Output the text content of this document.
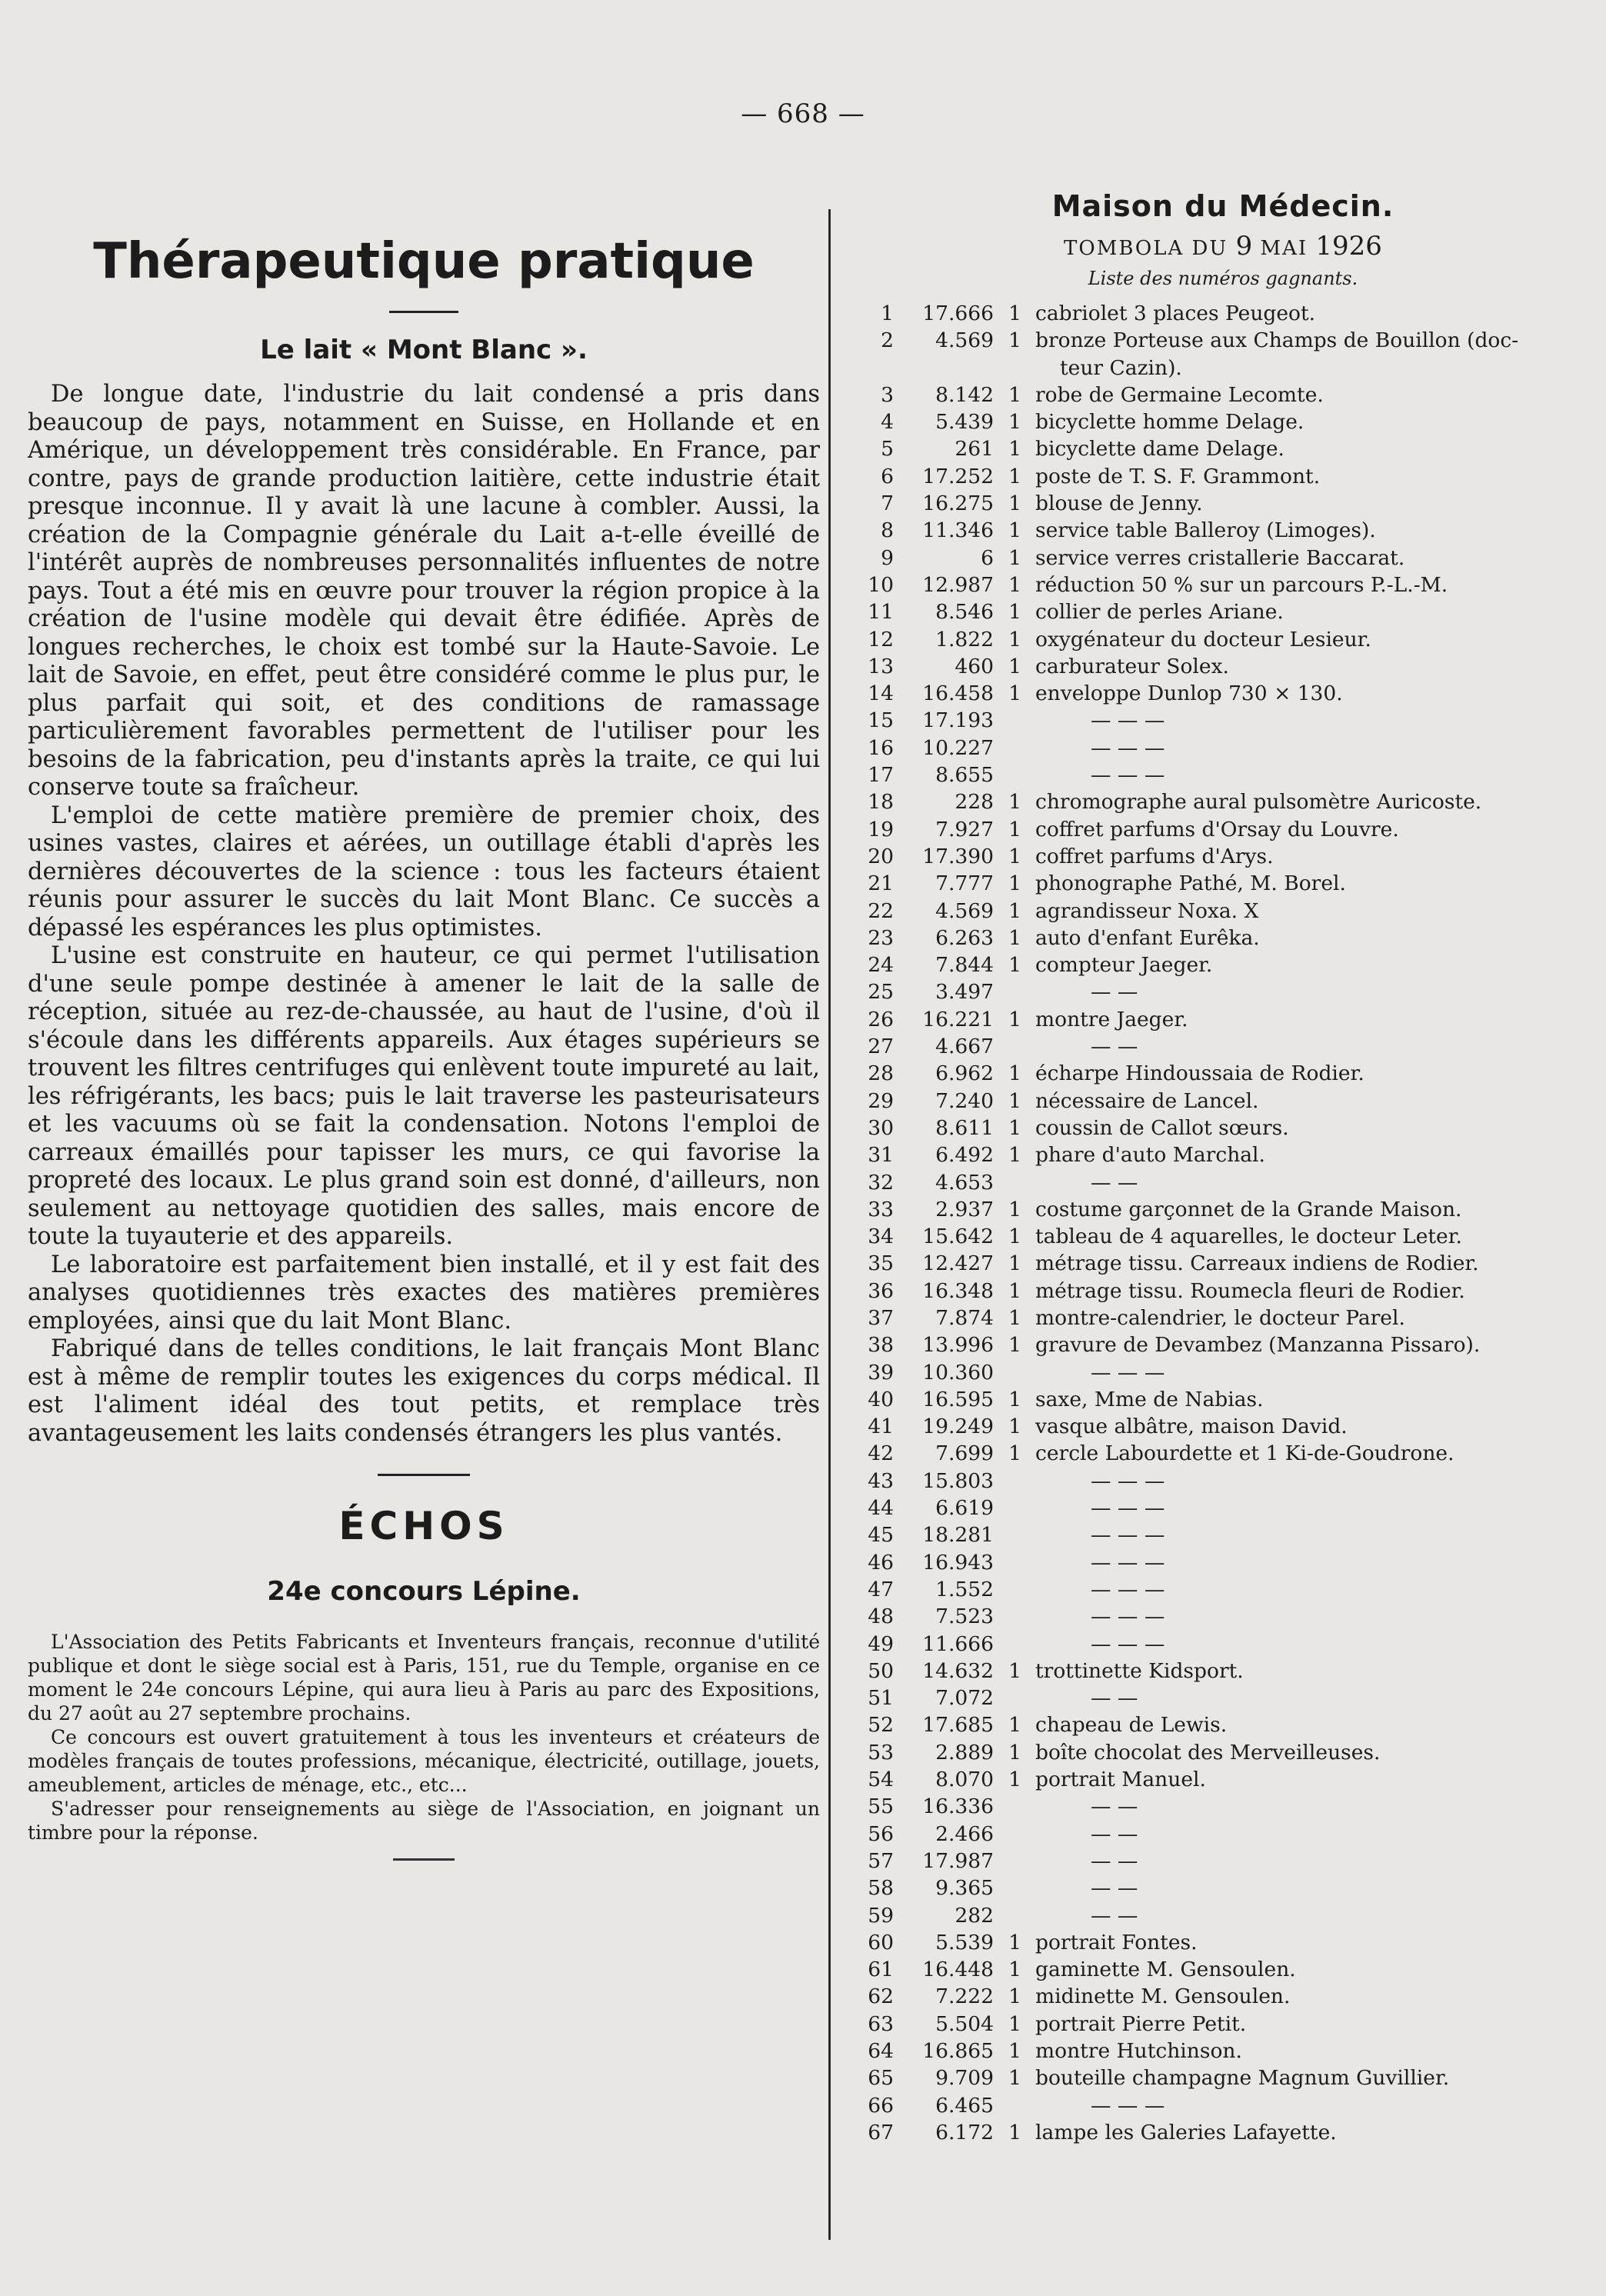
— 668 —
Thérapeutique pratique
Le lait « Mont Blanc ».

De longue date, l'industrie du lait condensé a pris dans beaucoup de pays, notamment en Suisse, en Hollande et en Amérique, un développement très considérable. En France, par contre, pays de grande production laitière, cette industrie était presque inconnue. Il y avait là une lacune à combler. Aussi, la création de la Compagnie générale du Lait a-t-elle éveillé de l'intérêt auprès de nombreuses personnalités influentes de notre pays. Tout a été mis en œuvre pour trouver la région propice à la création de l'usine modèle qui devait être édifiée. Après de longues recherches, le choix est tombé sur la Haute-Savoie. Le lait de Savoie, en effet, peut être considéré comme le plus pur, le plus parfait qui soit, et des conditions de ramassage particulièrement favorables permettent de l'utiliser pour les besoins de la fabrication, peu d'instants après la traite, ce qui lui conserve toute sa fraîcheur.

L'emploi de cette matière première de premier choix, des usines vastes, claires et aérées, un outillage établi d'après les dernières découvertes de la science : tous les facteurs étaient réunis pour assurer le succès du lait Mont Blanc. Ce succès a dépassé les espérances les plus optimistes.

L'usine est construite en hauteur, ce qui permet l'utilisation d'une seule pompe destinée à amener le lait de la salle de réception, située au rez-de-chaussée, au haut de l'usine, d'où il s'écoule dans les différents appareils. Aux étages supérieurs se trouvent les filtres centrifuges qui enlèvent toute impureté au lait, les réfrigérants, les bacs; puis le lait traverse les pasteurisateurs et les vacuums où se fait la condensation. Notons l'emploi de carreaux émaillés pour tapisser les murs, ce qui favorise la propreté des locaux. Le plus grand soin est donné, d'ailleurs, non seulement au nettoyage quotidien des salles, mais encore de toute la tuyauterie et des appareils.

Le laboratoire est parfaitement bien installé, et il y est fait des analyses quotidiennes très exactes des matières premières employées, ainsi que du lait Mont Blanc.

Fabriqué dans de telles conditions, le lait français Mont Blanc est à même de remplir toutes les exigences du corps médical. Il est l'aliment idéal des tout petits, et remplace très avantageusement les laits condensés étrangers les plus vantés.

ÉCHOS
24e concours Lépine.

L'Association des Petits Fabricants et Inventeurs français, reconnue d'utilité publique et dont le siège social est à Paris, 151, rue du Temple, organise en ce moment le 24e concours Lépine, qui aura lieu à Paris au parc des Expositions, du 27 août au 27 septembre prochains.

Ce concours est ouvert gratuitement à tous les inventeurs et créateurs de modèles français de toutes professions, mécanique, électricité, outillage, jouets, ameublement, articles de ménage, etc., etc...

S'adresser pour renseignements au siège de l'Association, en joignant un timbre pour la réponse.

Maison du Médecin.

TOMBOLA DU 9 MAI 1926

Liste des numéros gagnants.

1	17.666 1 cabriolet 3 places Peugeot.
2	4.569 1 bronze Porteuse aux Champs de Bouillon (doc-
teur Cazin).
3	8.142 1 robe de Germaine Lecomte.
4	5.439 1 bicyclette homme Delage.
5	261 1 bicyclette dame Delage.
6	17.252 1 poste de T. S. F. Grammont.
7	16.275 1 blouse de Jenny.
8	11.346 1 service table Balleroy (Limoges).
9	6 1 service verres cristallerie Baccarat.
10	12.987 1 réduction 50 % sur un parcours P.-L.-M.
11	8.546 1 collier de perles Ariane.
12	1.822 1 oxygénateur du docteur Lesieur.
13	460 1 carburateur Solex.
14	16.458 1 enveloppe Dunlop 730 × 130.
15	17.193	— — —
16	10.227	— — —
17	8.655	— — —
18	228 1 chromographe aural pulsomètre Auricoste.
19	7.927 1 coffret parfums d'Orsay du Louvre.
20	17.390 1 coffret parfums d'Arys.
21	7.777 1 phonographe Pathé, M. Borel.
22	4.569 1 agrandisseur Noxa. X
23	6.263 1 auto d'enfant Eurêka.
24	7.844 1 compteur Jaeger.
25	3.497	— —
26	16.221 1 montre Jaeger.
27	4.667	— —
28	6.962 1 écharpe Hindoussaia de Rodier.
29	7.240 1 nécessaire de Lancel.
30	8.611 1 coussin de Callot sœurs.
31	6.492 1 phare d'auto Marchal.
32	4.653	— —
33	2.937 1 costume garçonnet de la Grande Maison.
34	15.642 1 tableau de 4 aquarelles, le docteur Leter.
35	12.427 1 métrage tissu. Carreaux indiens de Rodier.
36	16.348 1 métrage tissu. Roumecla fleuri de Rodier.
37	7.874 1 montre-calendrier, le docteur Parel.
38	13.996 1 gravure de Devambez (Manzanna Pissaro).
39	10.360	— — —
40	16.595 1 saxe, Mme de Nabias.
41	19.249 1 vasque albâtre, maison David.
42	7.699 1 cercle Labourdette et 1 Ki-de-Goudrone.
43	15.803	— — —
44	6.619	— — —
45	18.281	— — —
46	16.943	— — —
47	1.552	— — —
48	7.523	— — —
49	11.666	— — —
50	14.632 1 trottinette Kidsport.
51	7.072	— —
52	17.685 1 chapeau de Lewis.
53	2.889 1 boîte chocolat des Merveilleuses.
54	8.070 1 portrait Manuel.
55	16.336	— —
56	2.466	— —
57	17.987	— —
58	9.365	— —
59	282	— —
60	5.539 1 portrait Fontes.
61	16.448 1 gaminette M. Gensoulen.
62	7.222 1 midinette M. Gensoulen.
63	5.504 1 portrait Pierre Petit.
64	16.865 1 montre Hutchinson.
65	9.709 1 bouteille champagne Magnum Guvillier.
66	6.465	— — —
67	6.172 1 lampe les Galeries Lafayette.
